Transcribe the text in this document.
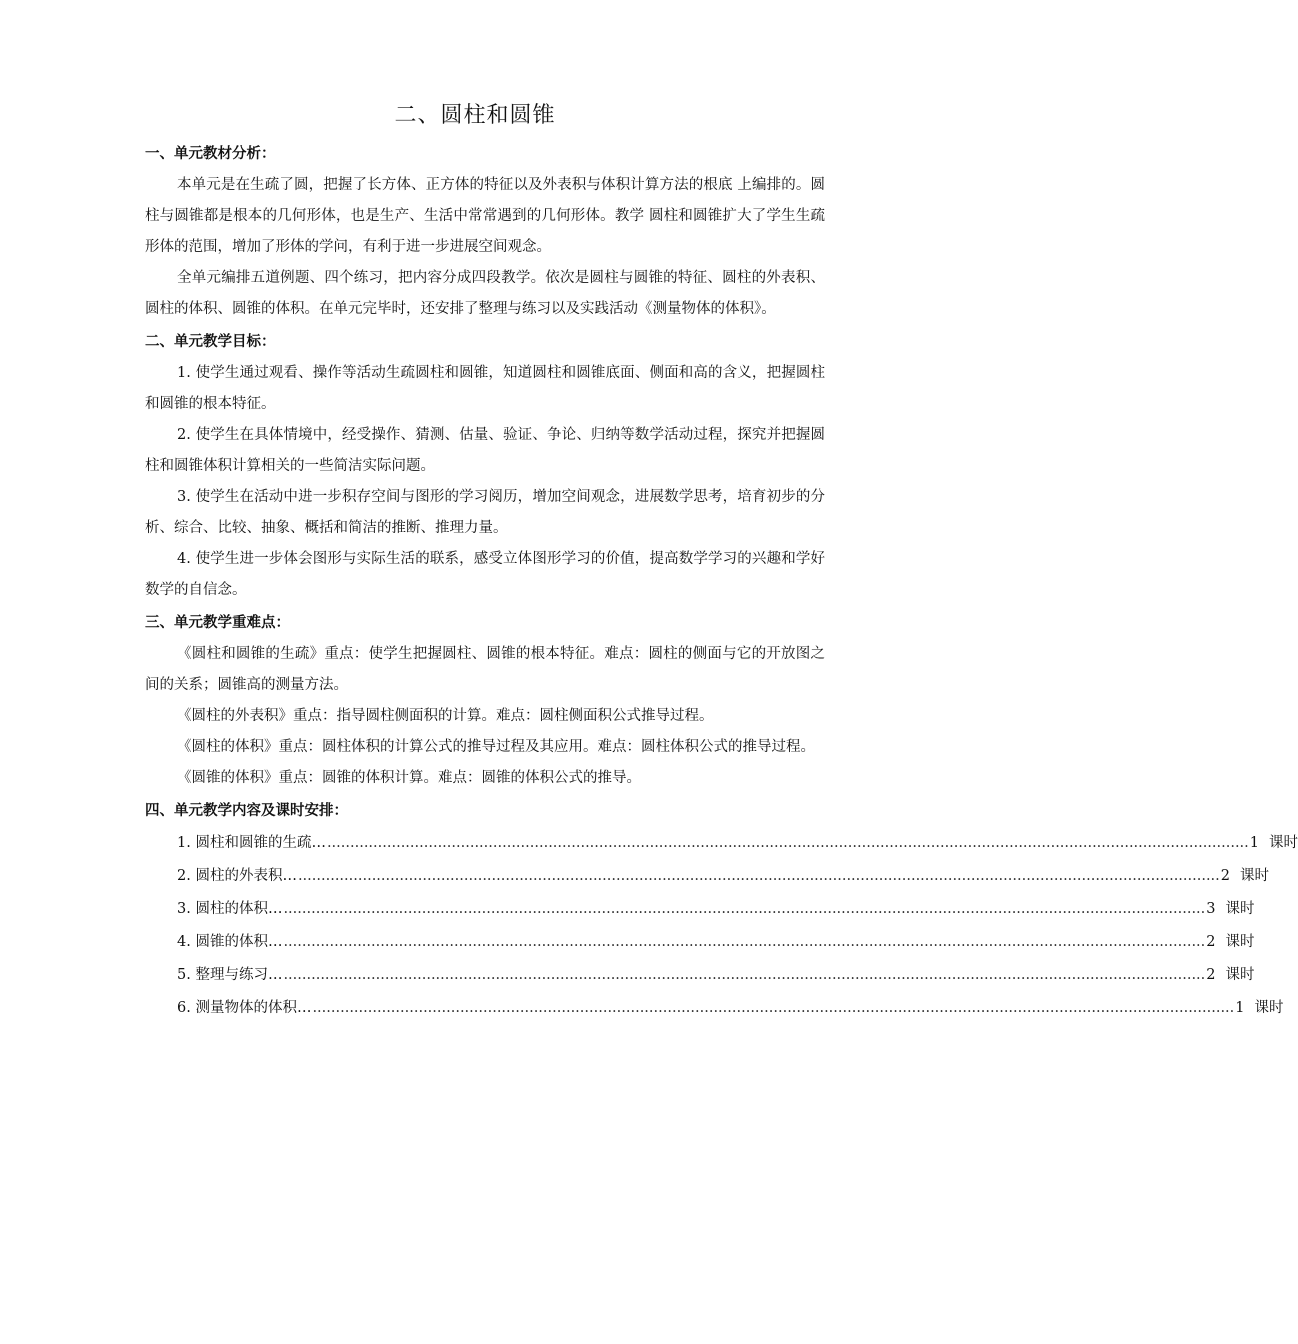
二、圆柱和圆锥
一、单元教材分析：

本单元是在生疏了圆，把握了长方体、正方体的特征以及外表积与体积计算方法的根底 上编排的。圆柱与圆锥都是根本的几何形体，也是生产、生活中常常遇到的几何形体。教学 圆柱和圆锥扩大了学生生疏形体的范围，增加了形体的学问，有利于进一步进展空间观念。

全单元编排五道例题、四个练习，把内容分成四段教学。依次是圆柱与圆锥的特征、圆柱的外表积、圆柱的体积、圆锥的体积。在单元完毕时，还安排了整理与练习以及实践活动《测量物体的体积》。

二、单元教学目标：

1. 使学生通过观看、操作等活动生疏圆柱和圆锥，知道圆柱和圆锥底面、侧面和高的含义，把握圆柱和圆锥的根本特征。

2. 使学生在具体情境中，经受操作、猜测、估量、验证、争论、归纳等数学活动过程，探究并把握圆柱和圆锥体积计算相关的一些简洁实际问题。

3. 使学生在活动中进一步积存空间与图形的学习阅历，增加空间观念，进展数学思考，培育初步的分析、综合、比较、抽象、概括和简洁的推断、推理力量。

4. 使学生进一步体会图形与实际生活的联系，感受立体图形学习的价值，提高数学学习的兴趣和学好数学的自信念。

三、单元教学重难点：

《圆柱和圆锥的生疏》重点：使学生把握圆柱、圆锥的根本特征。难点：圆柱的侧面与它的开放图之间的关系；圆锥高的测量方法。

《圆柱的外表积》重点：指导圆柱侧面积的计算。难点：圆柱侧面积公式推导过程。

《圆柱的体积》重点：圆柱体积的计算公式的推导过程及其应用。难点：圆柱体积公式的推导过程。

《圆锥的体积》重点：圆锥的体积计算。难点：圆锥的体积公式的推导。

四、单元教学内容及课时安排：
1. 圆柱和圆锥的生疏… ........................................................................................................................................................................................................ 1 课时
2. 圆柱的外表积… ........................................................................................................................................................................................................ 2 课时
3. 圆柱的体积… ........................................................................................................................................................................................................ 3 课时
4. 圆锥的体积… ........................................................................................................................................................................................................ 2 课时
5. 整理与练习… ........................................................................................................................................................................................................ 2 课时
6. 测量物体的体积… ........................................................................................................................................................................................................ 1 课时
